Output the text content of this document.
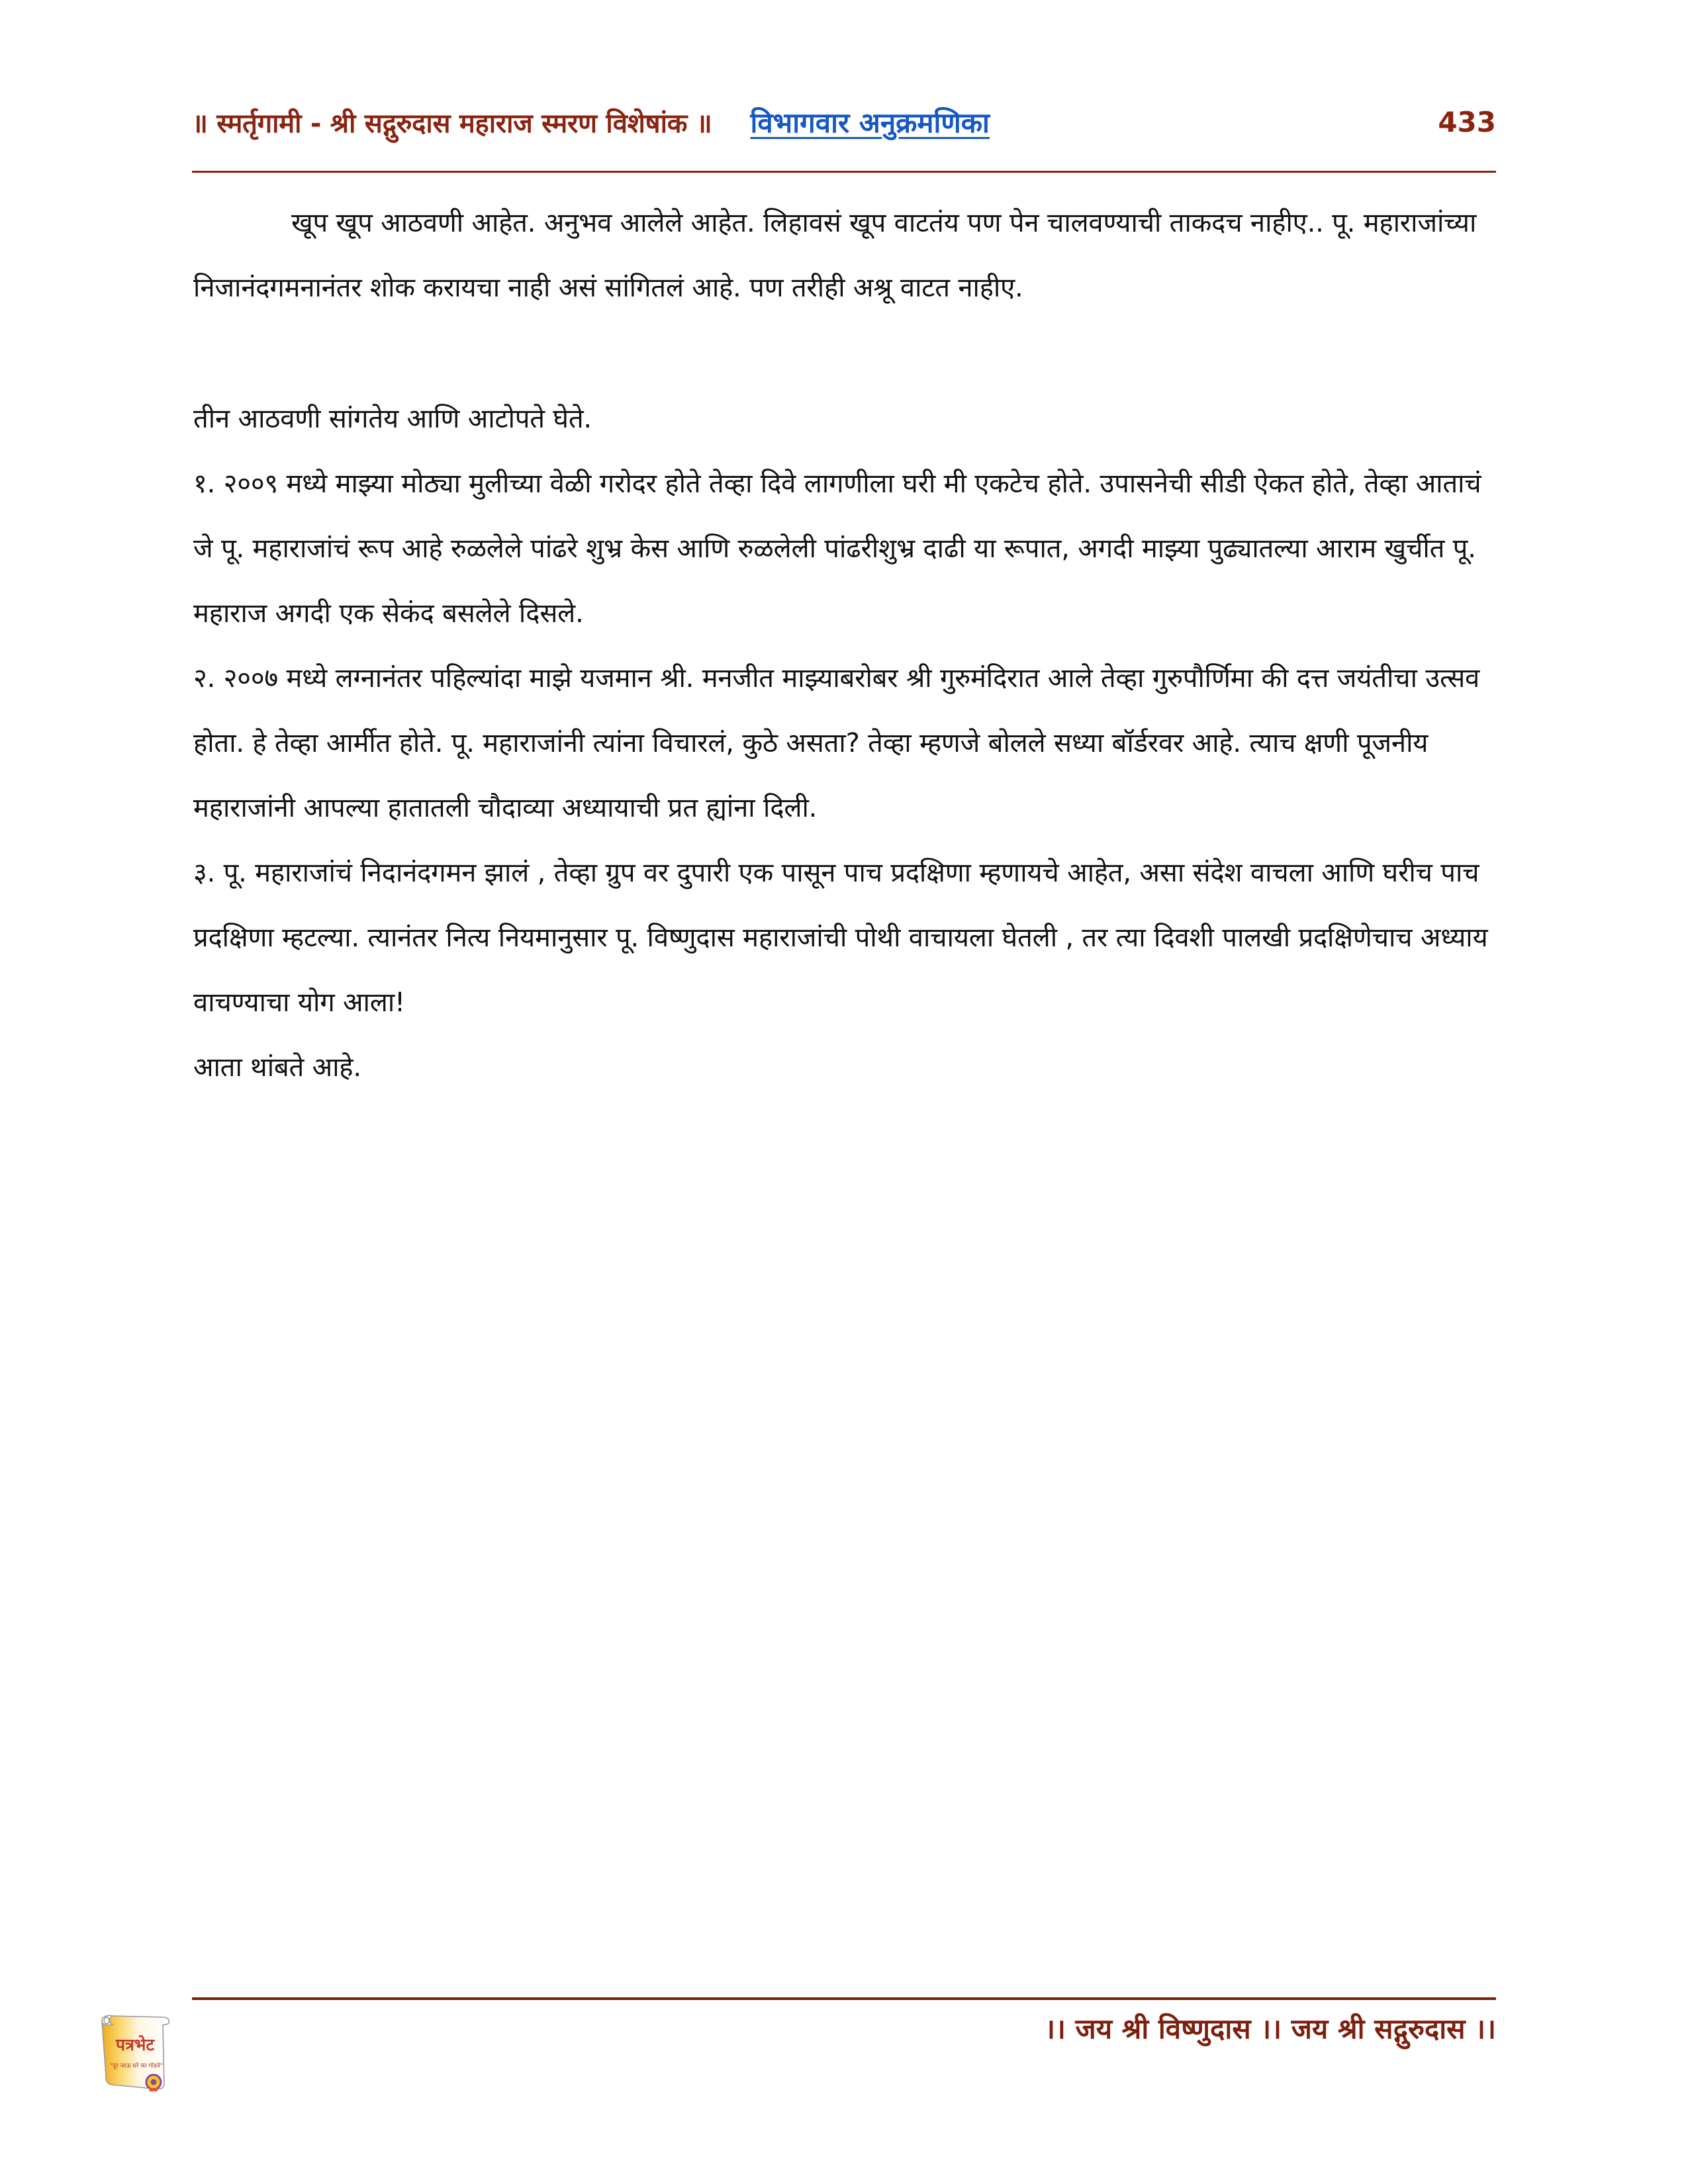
॥ स्मर्तृगामी - श्री सद्गुरुदास महाराज स्मरण विशेषांक ॥ विभागवार अनुक्रमणिका	433

खूप खूप आठवणी आहेत. अनुभव आलेले आहेत. लिहावसं खूप वाटतंय पण पेन चालवण्याची ताकदच नाहीए.. पू. महाराजांच्या निजानंदगमनानंतर शोक करायचा नाही असं सांगितलं आहे. पण तरीही अश्रू वाटत नाहीए.

तीन आठवणी सांगतेय आणि आटोपते घेते.

१. २००९ मध्ये माझ्या मोठ्या मुलीच्या वेळी गरोदर होते तेव्हा दिवे लागणीला घरी मी एकटेच होते. उपासनेची सीडी ऐकत होते, तेव्हा आताचं जे पू. महाराजांचं रूप आहे रुळलेले पांढरे शुभ्र केस आणि रुळलेली पांढरीशुभ्र दाढी या रूपात, अगदी माझ्या पुढ्यातल्या आराम खुर्चीत पू. महाराज अगदी एक सेकंद बसलेले दिसले.

२. २००७ मध्ये लग्नानंतर पहिल्यांदा माझे यजमान श्री. मनजीत माझ्याबरोबर श्री गुरुमंदिरात आले तेव्हा गुरुपौर्णिमा की दत्त जयंतीचा उत्सव होता. हे तेव्हा आर्मीत होते. पू. महाराजांनी त्यांना विचारलं, कुठे असता? तेव्हा म्हणजे बोलले सध्या बॉर्डरवर आहे. त्याच क्षणी पूजनीय महाराजांनी आपल्या हातातली चौदाव्या अध्यायाची प्रत ह्यांना दिली.

३. पू. महाराजांचं निदानंदगमन झालं , तेव्हा ग्रुप वर दुपारी एक पासून पाच प्रदक्षिणा म्हणायचे आहेत, असा संदेश वाचला आणि घरीच पाच प्रदक्षिणा म्हटल्या. त्यानंतर नित्य नियमानुसार पू. विष्णुदास महाराजांची पोथी वाचायला घेतली , तर त्या दिवशी पालखी प्रदक्षिणेचाच अध्याय वाचण्याचा योग आला!

आता थांबते आहे.

।। जय श्री विष्णुदास ।। जय श्री सद्गुरुदास ।।
पत्रभेट
"दूर जाऊ घरे का गोडवे"
